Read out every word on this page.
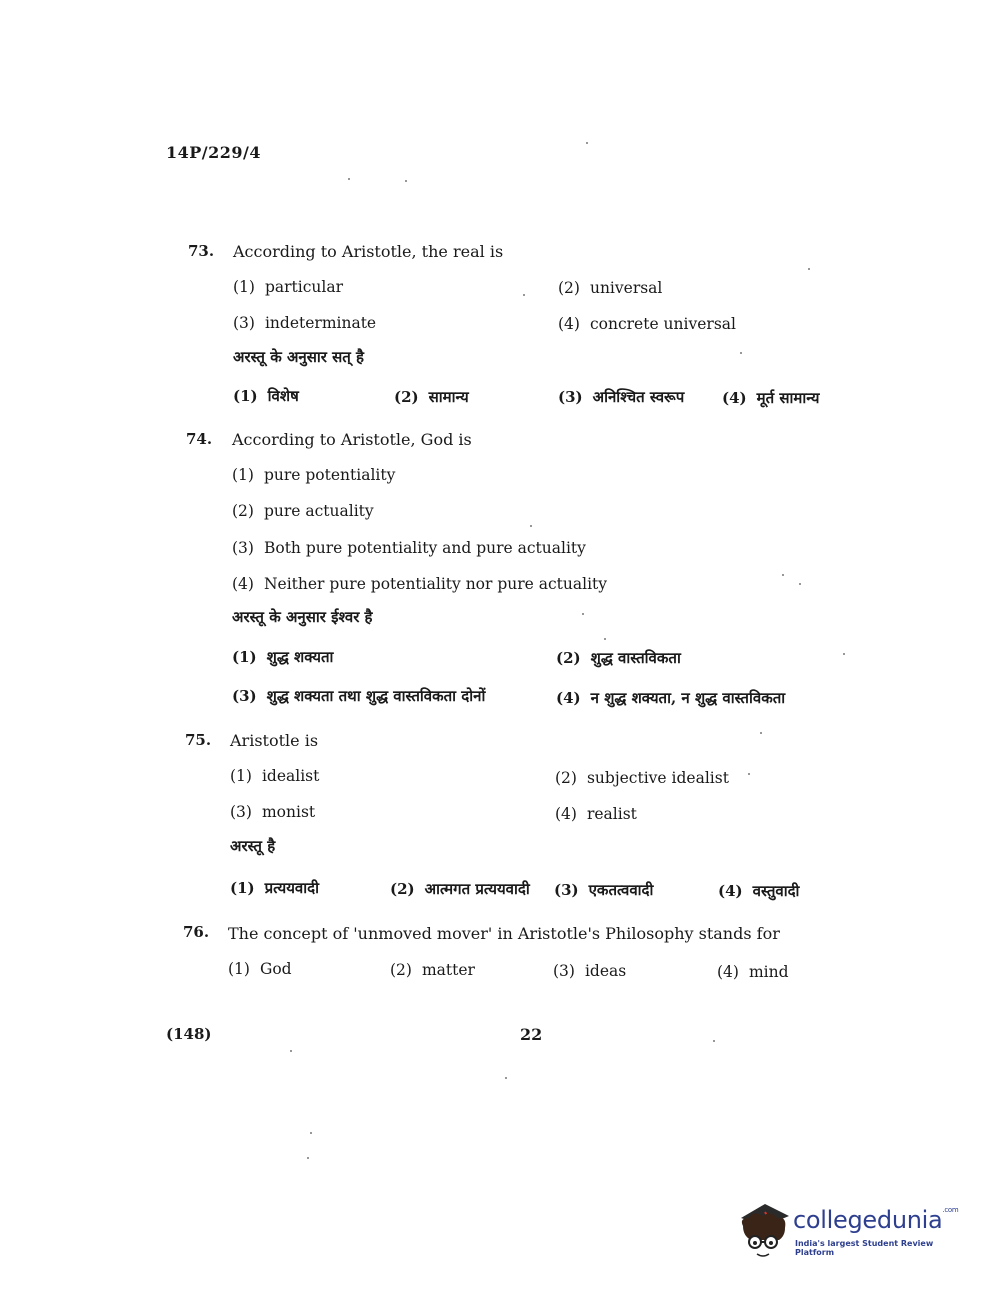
14P/229/4
73. According to Aristotle, the real is
(1) particular	(2) universal
(3) indeterminate	(4) concrete universal
अरस्तू के अनुसार सत् है
(1) विशेष	(2) सामान्य	(3) अनिश्चित स्वरूप	(4) मूर्त सामान्य
74. According to Aristotle, God is
(1) pure potentiality
(2) pure actuality
(3) Both pure potentiality and pure actuality
(4) Neither pure potentiality nor pure actuality
अरस्तू के अनुसार ईश्वर है
(1) शुद्ध शक्यता	(2) शुद्ध वास्तविकता
(3) शुद्ध शक्यता तथा शुद्ध वास्तविकता दोनों	(4) न शुद्ध शक्यता, न शुद्ध वास्तविकता
75. Aristotle is
(1) idealist	(2) subjective idealist
(3) monist	(4) realist
अरस्तू है
(1) प्रत्ययवादी	(2) आत्मगत प्रत्ययवादी (3) एकतत्ववादी	(4) वस्तुवादी
76. The concept of 'unmoved mover' in Aristotle's Philosophy stands for
(1) God	(2) matter	(3) ideas	(4) mind
(148)	22
collegedunia$^{.com}$
India's largest Student Review Platform
